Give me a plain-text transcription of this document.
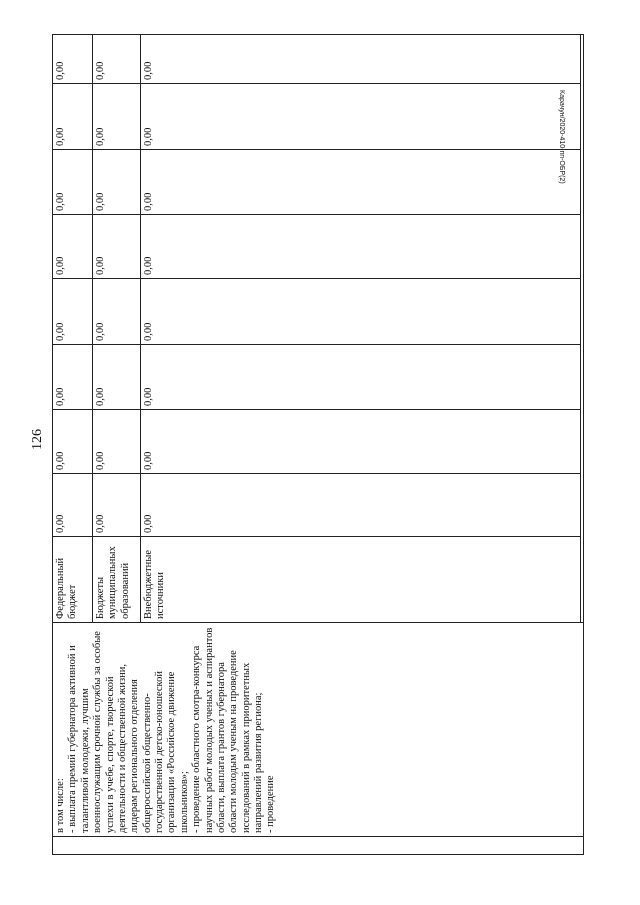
Карачун/2020-410-пп-ОБР(2)
126

	в том числе:
- выплата премий губернатора активной и талантливой молодежи, лучшим военнослужащим срочной службы за особые успехи в учебе, спорте, творческой деятельности и общественной жизни, лидерам регионального отделения общероссийской общественно-государственной детско-юношеской организации «Российское движение школьников»;
- проведение областного смотра-конкурса научных работ молодых ученых и аспирантов области, выплата грантов губернатора области молодым ученым на проведение исследований в рамках приоритетных направлений развития региона;
- проведение	Федеральный бюджет	0,00	0,00	0,00	0,00	0,00	0,00	0,00	0,00

		Бюджеты муниципальных образований	0,00	0,00	0,00	0,00	0,00	0,00	0,00	0,00

		Внебюджетные источники	0,00	0,00	0,00	0,00	0,00	0,00	0,00	0,00
